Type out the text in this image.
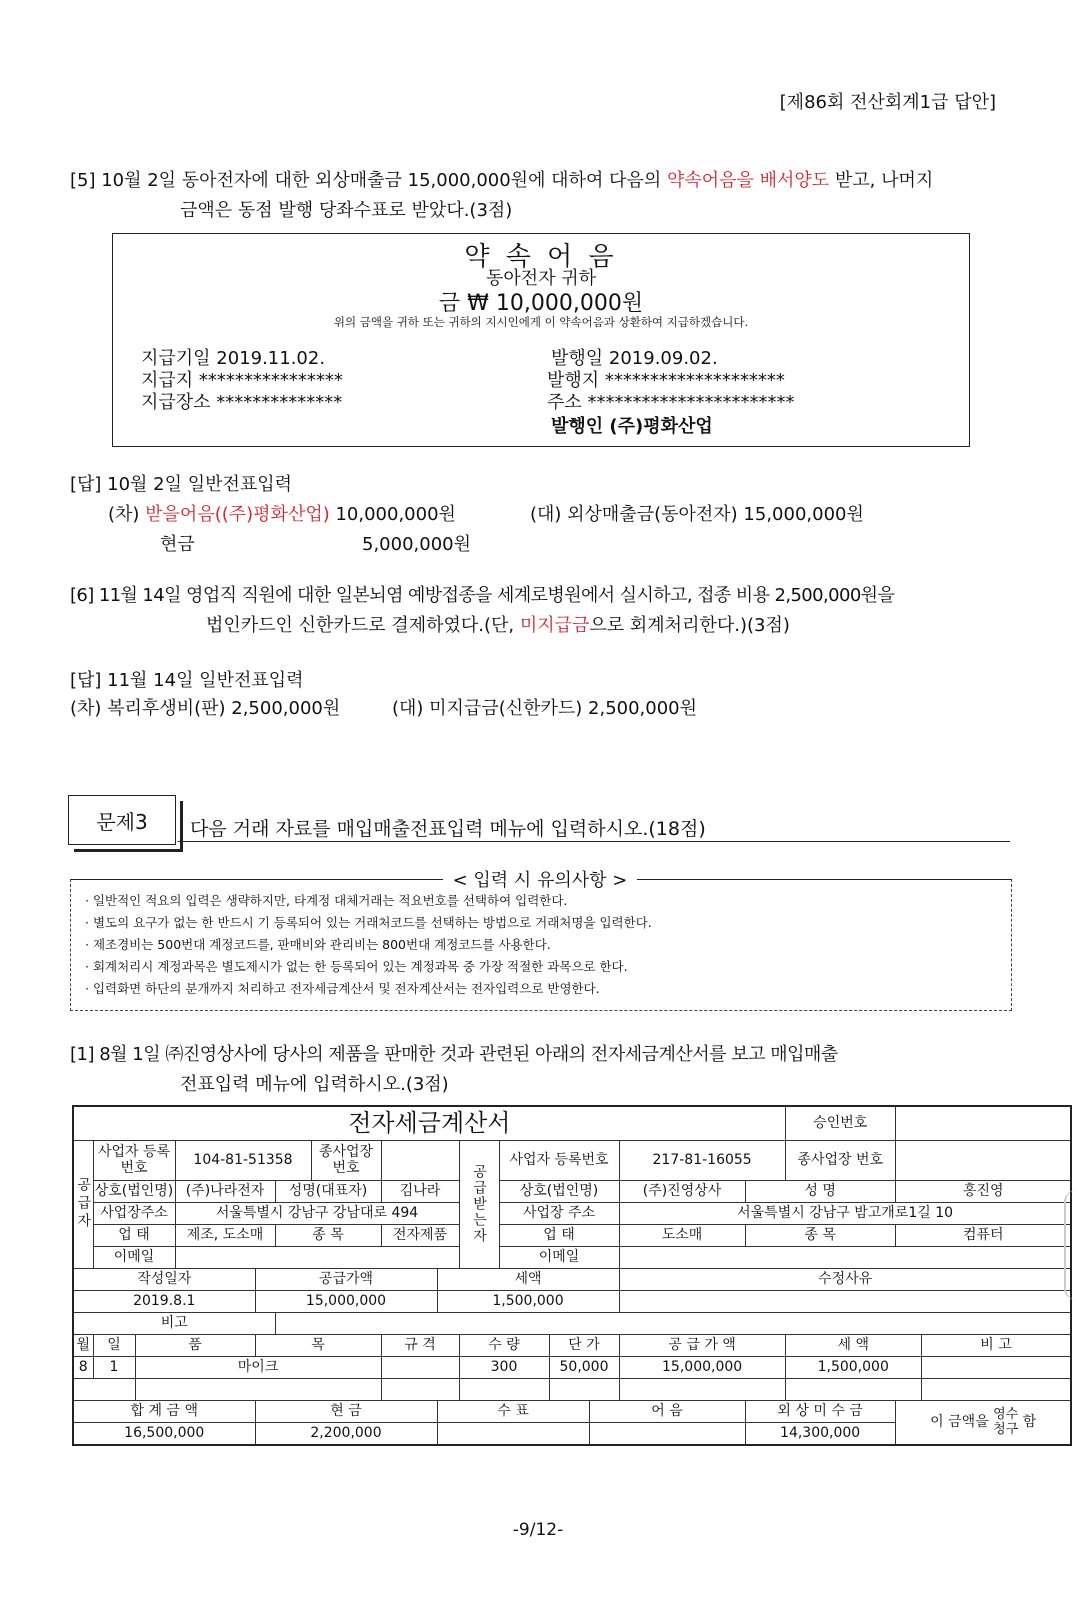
[제86회 전산회계1급 답안]
[5] 10월 2일 동아전자에 대한 외상매출금 15,000,000원에 대하여 다음의 약속어음을 배서양도 받고, 나머지
금액은 동점 발행 당좌수표로 받았다.(3점)
약 속 어 음
동아전자 귀하
금 ₩ 10,000,000원
위의 금액을 귀하 또는 귀하의 지시인에게 이 약속어음과 상환하여 지급하겠습니다.
지급기일 2019.11.02.
지급지 ****************
지급장소 **************
발행일 2019.09.02.
발행지 ********************
주소 ***********************
발행인 (주)평화산업
[답] 10월 2일 일반전표입력
(차) 받을어음((주)평화산업) 10,000,000원	(대) 외상매출금(동아전자) 15,000,000원
현금	5,000,000원
[6] 11월 14일 영업직 직원에 대한 일본뇌염 예방접종을 세계로병원에서 실시하고, 접종 비용 2,500,000원을
법인카드인 신한카드로 결제하였다.(단, 미지급금으로 회계처리한다.)(3점)
[답] 11월 14일 일반전표입력
(차) 복리후생비(판) 2,500,000원	(대) 미지급금(신한카드) 2,500,000원
문제3	다음 거래 자료를 매입매출전표입력 메뉴에 입력하시오.(18점)
· 일반적인 적요의 입력은 생략하지만, 타계정 대체거래는 적요번호를 선택하여 입력한다.
· 별도의 요구가 없는 한 반드시 기 등록되어 있는 거래처코드를 선택하는 방법으로 거래처명을 입력한다.
· 제조경비는 500번대 계정코드를, 판매비와 관리비는 800번대 계정코드를 사용한다.
· 회계처리시 계정과목은 별도제시가 없는 한 등록되어 있는 계정과목 중 가장 적절한 과목으로 한다.
· 입력화면 하단의 분개까지 처리하고 전자세금계산서 및 전자계산서는 전자입력으로 반영한다.
< 입력 시 유의사항 >
[1] 8월 1일 ㈜진영상사에 당사의 제품을 판매한 것과 관련된 아래의 전자세금계산서를 보고 매입매출
전표입력 메뉴에 입력하시오.(3점)
전자세금계산서															승인번호		
공급자	사업자 등록번호		104-81-51358			종사업장 번호			공급받는자	사업자 등록번호			217-81-16055		종사업장 번호		
	상호(법인명)		(주)나라전자		성명(대표자)		김나라			상호(법인명)			(주)진영상사	성 명		홍진영	
	사업장주소		서울특별시 강남구 강남대로 494							사업장 주소			서울특별시 강남구 밤고개로1길 10				
	업 태		제조, 도소매		종 목		전자제품			업 태			도소매	종 목		컴퓨터	
	이메일									이메일							
작성일자				공급가액				세액					수정사유				
2019.8.1				15,000,000				1,500,000									
비고																	
월	일	품		목			규 격		수 량		단 가		공 급 가 액		세 액		비 고
8	1	마이크							300		50,000		15,000,000		1,500,000		

합 계 금 액				현 금				수 표				어 음		외 상 미 수 금		이 금액을 영수
청구 함	
16,500,000				2,200,000										14,300,000			
-9/12-
